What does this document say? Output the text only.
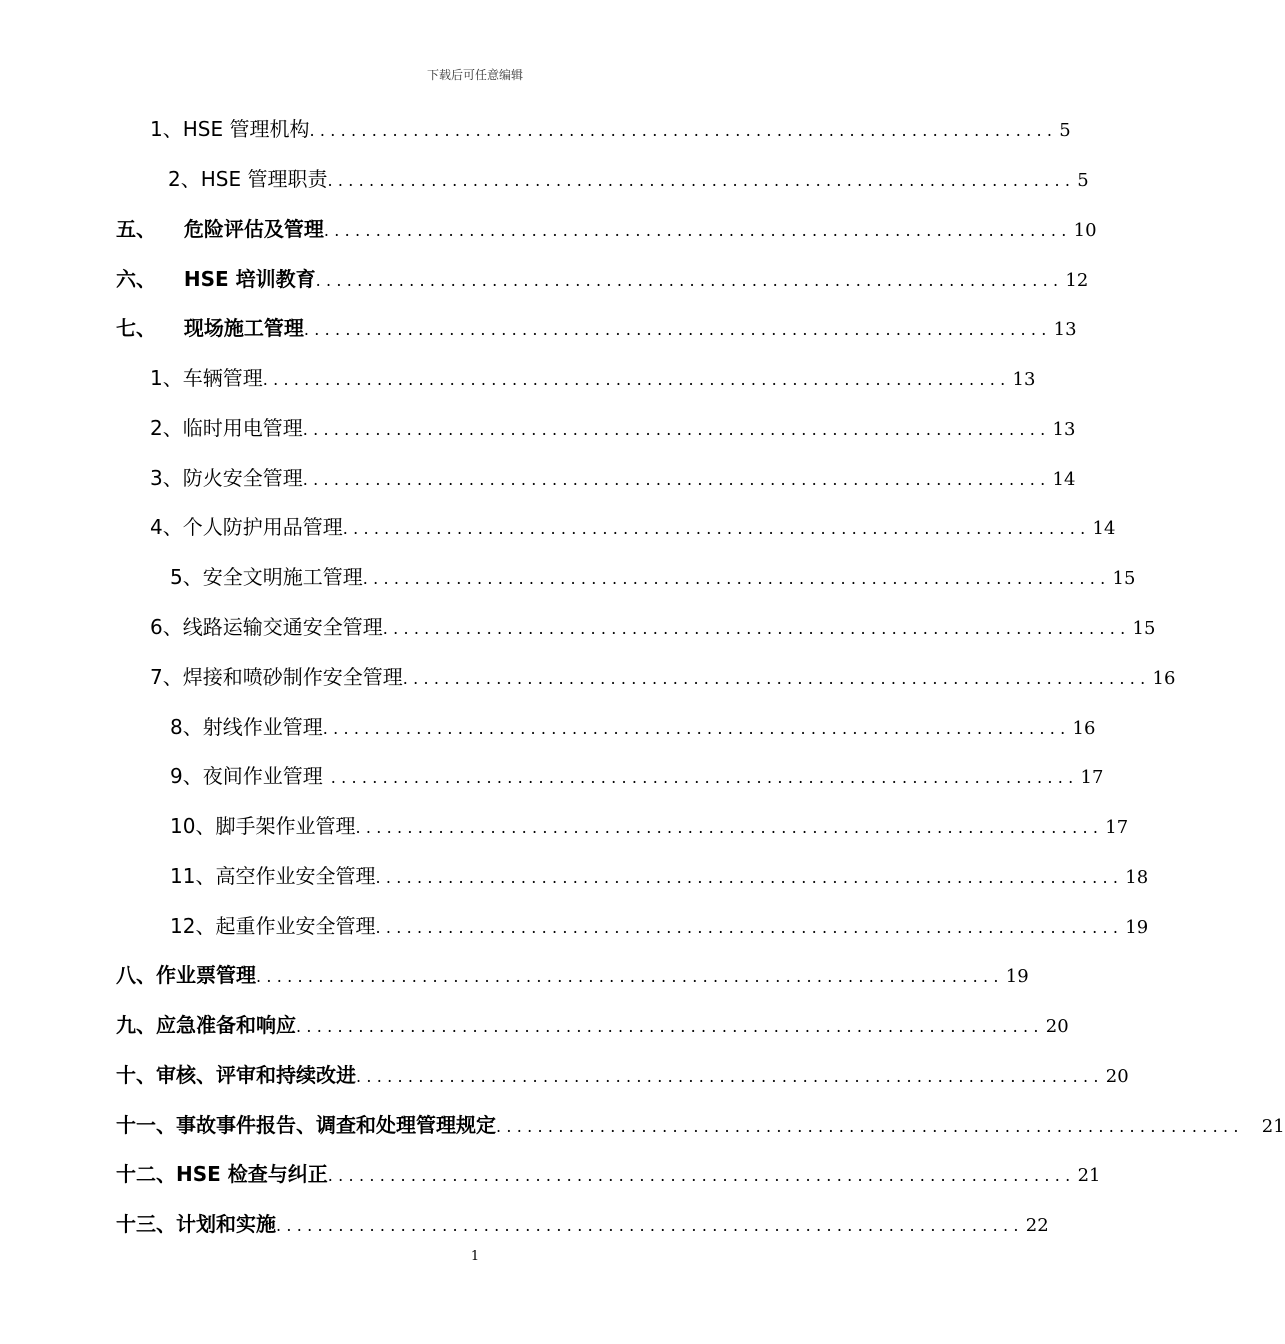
下载后可任意编辑
1、HSE 管理机构 ........................................................................ 5
2、HSE 管理职责 ........................................................................ 5
五、    危险评估及管理 ........................................................................ 10
六、    HSE 培训教育 ........................................................................ 12
七、    现场施工管理 ........................................................................ 13
1、车辆管理 ........................................................................ 13
2、临时用电管理 ........................................................................ 13
3、防火安全管理 ........................................................................ 14
4、个人防护用品管理 ........................................................................ 14
5、安全文明施工管理 ........................................................................ 15
6、线路运输交通安全管理 ........................................................................ 15
7、焊接和喷砂制作安全管理 ........................................................................ 16
8、射线作业管理 ........................................................................ 16
9、夜间作业管理 ........................................................................ 17
10、脚手架作业管理 ........................................................................ 17
11、高空作业安全管理 ........................................................................ 18
12、起重作业安全管理 ........................................................................ 19
八、作业票管理 ........................................................................ 19
九、应急准备和响应 ........................................................................ 20
十、审核、评审和持续改进 ........................................................................ 20
十一、事故事件报告、调查和处理管理规定 ........................................................................ 21
十二、HSE 检查与纠正 ........................................................................ 21
十三、计划和实施 ........................................................................ 22
1
